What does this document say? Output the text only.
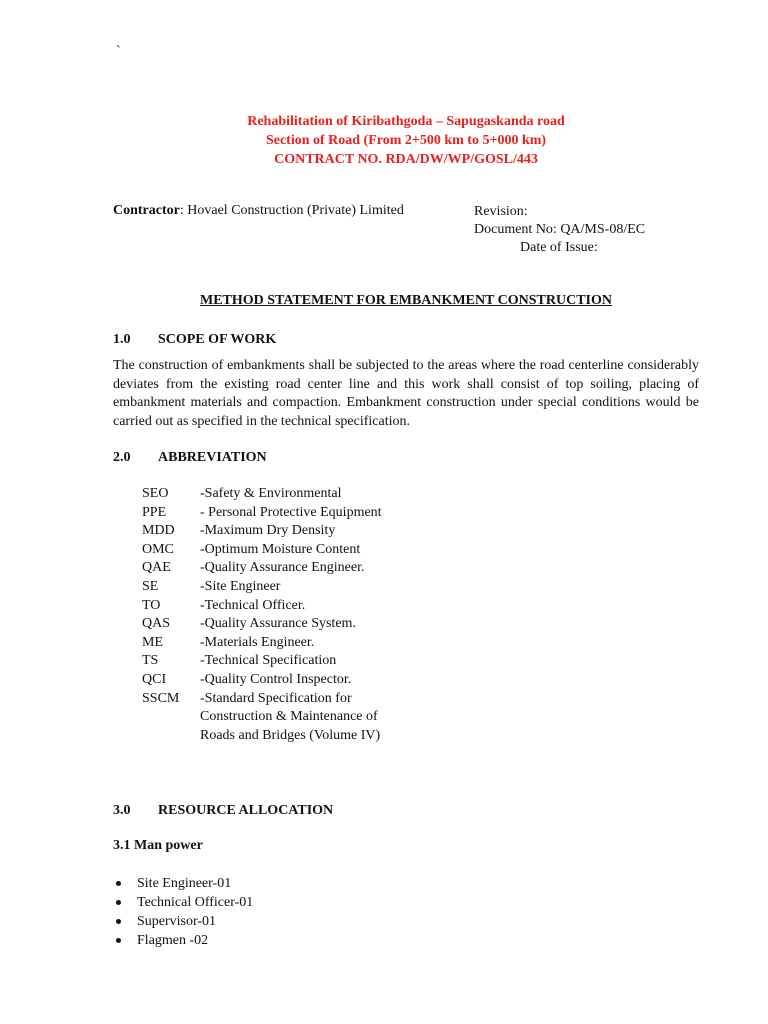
`
Rehabilitation of Kiribathgoda – Sapugaskanda road
Section of Road (From 2+500 km to 5+000 km)
CONTRACT NO. RDA/DW/WP/GOSL/443
Contractor: Hovael Construction (Private) Limited	Revision:
Document No: QA/MS-08/EC
Date of Issue:
METHOD STATEMENT FOR EMBANKMENT CONSTRUCTION
1.0 SCOPE OF WORK
The construction of embankments shall be subjected to the areas where the road centerline considerably deviates from the existing road center line and this work shall consist of top soiling, placing of embankment materials and compaction. Embankment construction under special conditions would be carried out as specified in the technical specification.
2.0 ABBREVIATION
SEO	-Safety & Environmental
PPE	- Personal Protective Equipment
MDD	-Maximum Dry Density
OMC	-Optimum Moisture Content
QAE	-Quality Assurance Engineer.
SE	-Site Engineer
TO	-Technical Officer.
QAS	-Quality Assurance System.
ME	-Materials Engineer.
TS	-Technical Specification
QCI	-Quality Control Inspector.
SSCM	-Standard Specification for
Construction & Maintenance of
Roads and Bridges (Volume IV)
3.0 RESOURCE ALLOCATION
3.1 Man power
Site Engineer-01
Technical Officer-01
Supervisor-01
Flagmen -02
